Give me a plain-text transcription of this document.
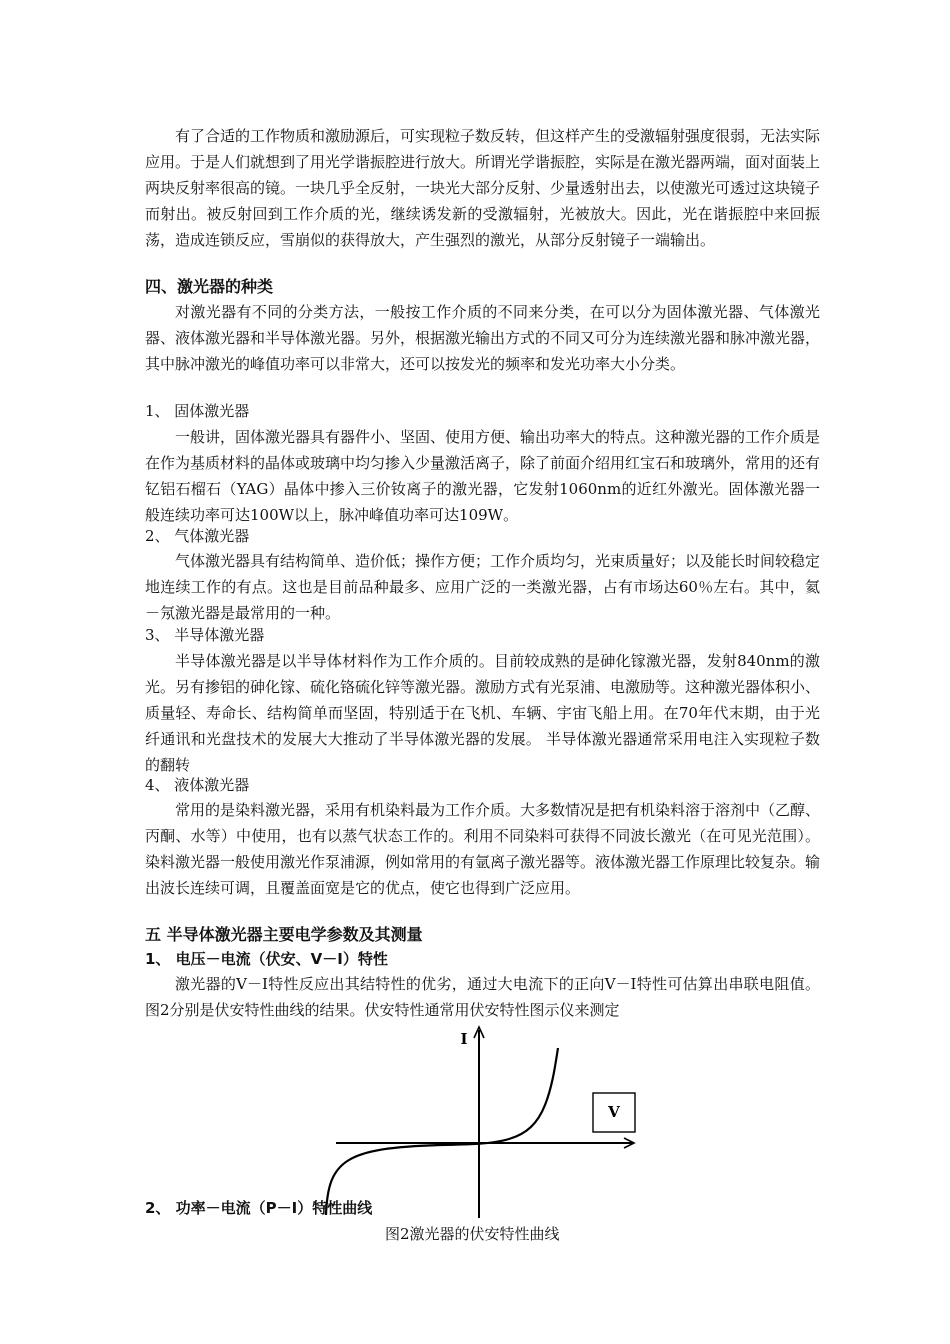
有了合适的工作物质和激励源后，可实现粒子数反转，但这样产生的受激辐射强度很弱，无法实际应用。于是人们就想到了用光学谐振腔进行放大。所谓光学谐振腔，实际是在激光器两端，面对面装上两块反射率很高的镜。一块几乎全反射，一块光大部分反射、少量透射出去，以使激光可透过这块镜子而射出。被反射回到工作介质的光，继续诱发新的受激辐射，光被放大。因此，光在谐振腔中来回振荡，造成连锁反应，雪崩似的获得放大，产生强烈的激光，从部分反射镜子一端输出。
四、激光器的种类
对激光器有不同的分类方法，一般按工作介质的不同来分类，在可以分为固体激光器、气体激光器、液体激光器和半导体激光器。另外，根据激光输出方式的不同又可分为连续激光器和脉冲激光器，其中脉冲激光的峰值功率可以非常大，还可以按发光的频率和发光功率大小分类。
1、 固体激光器
一般讲，固体激光器具有器件小、坚固、使用方便、输出功率大的特点。这种激光器的工作介质是在作为基质材料的晶体或玻璃中均匀掺入少量激活离子，除了前面介绍用红宝石和玻璃外，常用的还有钇铝石榴石（YAG）晶体中掺入三价钕离子的激光器，它发射1060nm的近红外激光。固体激光器一般连续功率可达100W以上，脉冲峰值功率可达109W。
2、 气体激光器
气体激光器具有结构简单、造价低；操作方便；工作介质均匀，光束质量好；以及能长时间较稳定地连续工作的有点。这也是目前品种最多、应用广泛的一类激光器，占有市场达60％左右。其中，氦－氖激光器是最常用的一种。
3、 半导体激光器
半导体激光器是以半导体材料作为工作介质的。目前较成熟的是砷化镓激光器，发射840nm的激光。另有掺铝的砷化镓、硫化铬硫化锌等激光器。激励方式有光泵浦、电激励等。这种激光器体积小、质量轻、寿命长、结构简单而坚固，特别适于在飞机、车辆、宇宙飞船上用。在70年代末期，由于光纤通讯和光盘技术的发展大大推动了半导体激光器的发展。 半导体激光器通常采用电注入实现粒子数的翻转
4、 液体激光器
常用的是染料激光器，采用有机染料最为工作介质。大多数情况是把有机染料溶于溶剂中（乙醇、丙酮、水等）中使用，也有以蒸气状态工作的。利用不同染料可获得不同波长激光（在可见光范围）。染料激光器一般使用激光作泵浦源，例如常用的有氩离子激光器等。液体激光器工作原理比较复杂。输出波长连续可调，且覆盖面宽是它的优点，使它也得到广泛应用。
五 半导体激光器主要电学参数及其测量
1、 电压－电流（伏安、V－I）特性
激光器的V－I特性反应出其结特性的优劣，通过大电流下的正向V－I特性可估算出串联电阻值。图2分别是伏安特性曲线的结果。伏安特性通常用伏安特性图示仪来测定
V
I
2、 功率－电流（P－I）特性曲线
图2激光器的伏安特性曲线
